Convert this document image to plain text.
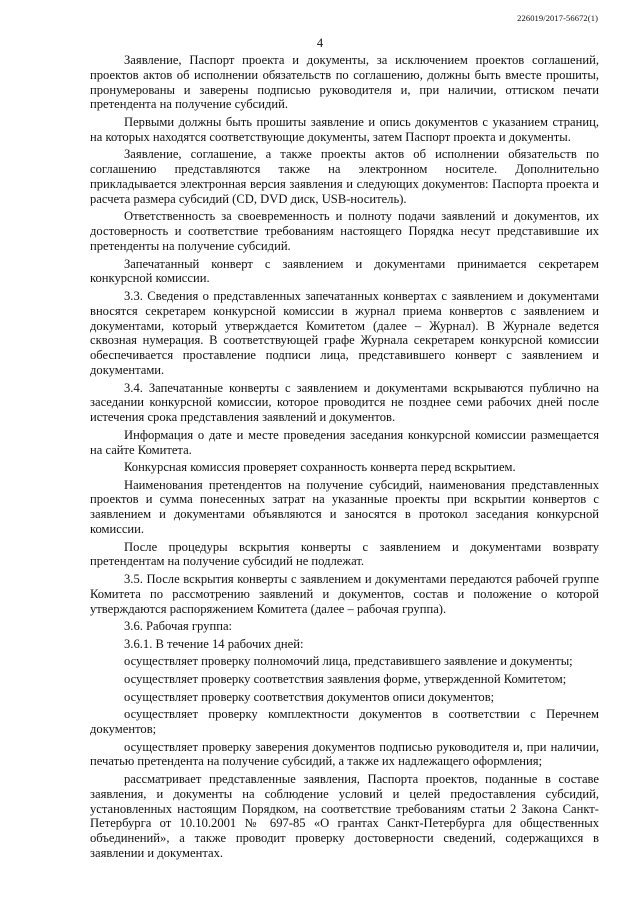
226019/2017-56672(1)
4

Заявление, Паспорт проекта и документы, за исключением проектов соглашений, проектов актов об исполнении обязательств по соглашению, должны быть вместе прошиты, пронумерованы и заверены подписью руководителя и, при наличии, оттиском печати претендента на получение субсидий.

Первыми должны быть прошиты заявление и опись документов с указанием страниц, на которых находятся соответствующие документы, затем Паспорт проекта и документы.

Заявление, соглашение, а также проекты актов об исполнении обязательств по соглашению представляются также на электронном носителе. Дополнительно прикладывается электронная версия заявления и следующих документов: Паспорта проекта и расчета размера субсидий (CD, DVD диск, USB-носитель).

Ответственность за своевременность и полноту подачи заявлений и документов, их достоверность и соответствие требованиям настоящего Порядка несут представившие их претенденты на получение субсидий.

Запечатанный конверт с заявлением и документами принимается секретарем конкурсной комиссии.

3.3. Сведения о представленных запечатанных конвертах с заявлением и документами вносятся секретарем конкурсной комиссии в журнал приема конвертов с заявлением и документами, который утверждается Комитетом (далее – Журнал). В Журнале ведется сквозная нумерация. В соответствующей графе Журнала секретарем конкурсной комиссии обеспечивается проставление подписи лица, представившего конверт с заявлением и документами.

3.4. Запечатанные конверты с заявлением и документами вскрываются публично на заседании конкурсной комиссии, которое проводится не позднее семи рабочих дней после истечения срока представления заявлений и документов.

Информация о дате и месте проведения заседания конкурсной комиссии размещается на сайте Комитета.

Конкурсная комиссия проверяет сохранность конверта перед вскрытием.

Наименования претендентов на получение субсидий, наименования представленных проектов и сумма понесенных затрат на указанные проекты при вскрытии конвертов с заявлением и документами объявляются и заносятся в протокол заседания конкурсной комиссии.

После процедуры вскрытия конверты с заявлением и документами возврату претендентам на получение субсидий не подлежат.

3.5. После вскрытия конверты с заявлением и документами передаются рабочей группе Комитета по рассмотрению заявлений и документов, состав и положение о которой утверждаются распоряжением Комитета (далее – рабочая группа).

3.6. Рабочая группа:

3.6.1. В течение 14 рабочих дней:

осуществляет проверку полномочий лица, представившего заявление и документы;

осуществляет проверку соответствия заявления форме, утвержденной Комитетом;

осуществляет проверку соответствия документов описи документов;

осуществляет проверку комплектности документов в соответствии с Перечнем документов;

осуществляет проверку заверения документов подписью руководителя и, при наличии, печатью претендента на получение субсидий, а также их надлежащего оформления;

рассматривает представленные заявления, Паспорта проектов, поданные в составе заявления, и документы на соблюдение условий и целей предоставления субсидий, установленных настоящим Порядком, на соответствие требованиям статьи 2 Закона Санкт-Петербурга от 10.10.2001 № 697-85 «О грантах Санкт-Петербурга для общественных объединений», а также проводит проверку достоверности сведений, содержащихся в заявлении и документах.
